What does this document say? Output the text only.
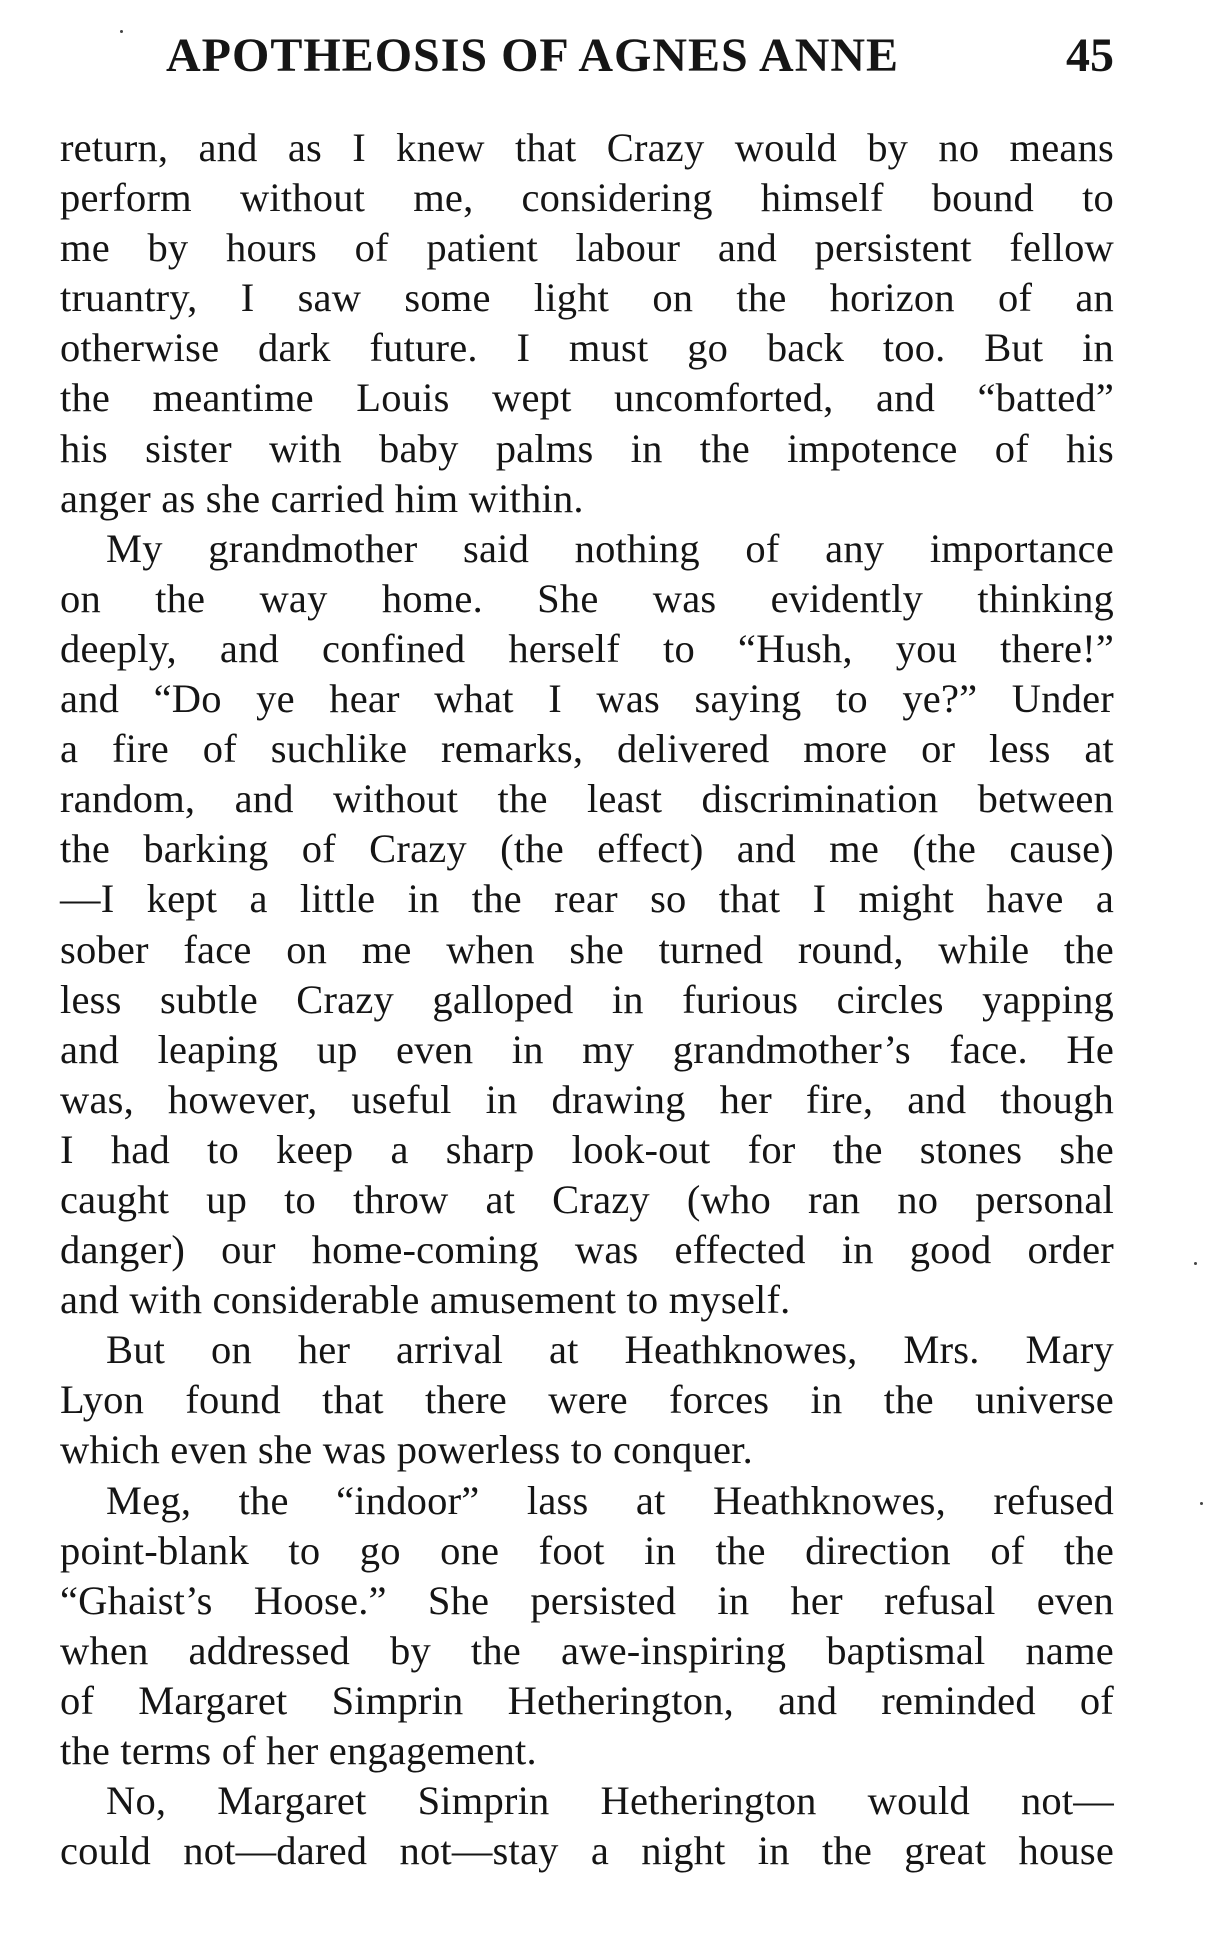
APOTHEOSIS OF AGNES ANNE	45
return, and as I knew that Crazy would by no means
perform without me, considering himself bound to
me by hours of patient labour and persistent fellow
truantry, I saw some light on the horizon of an
otherwise dark future. I must go back too. But in
the meantime Louis wept uncomforted, and “batted”
his sister with baby palms in the impotence of his
anger as she carried him within.
My grandmother said nothing of any importance
on the way home. She was evidently thinking
deeply, and confined herself to “Hush, you there!”
and “Do ye hear what I was saying to ye?” Under
a fire of suchlike remarks, delivered more or less at
random, and without the least discrimination between
the barking of Crazy (the effect) and me (the cause)
—I kept a little in the rear so that I might have a
sober face on me when she turned round, while the
less subtle Crazy galloped in furious circles yapping
and leaping up even in my grandmother’s face. He
was, however, useful in drawing her fire, and though
I had to keep a sharp look-out for the stones she
caught up to throw at Crazy (who ran no personal
danger) our home-coming was effected in good order
and with considerable amusement to myself.
But on her arrival at Heathknowes, Mrs. Mary
Lyon found that there were forces in the universe
which even she was powerless to conquer.
Meg, the “indoor” lass at Heathknowes, refused
point-blank to go one foot in the direction of the
“Ghaist’s Hoose.” She persisted in her refusal even
when addressed by the awe-inspiring baptismal name
of Margaret Simprin Hetherington, and reminded of
the terms of her engagement.
No, Margaret Simprin Hetherington would not—
could not—dared not—stay a night in the great house
